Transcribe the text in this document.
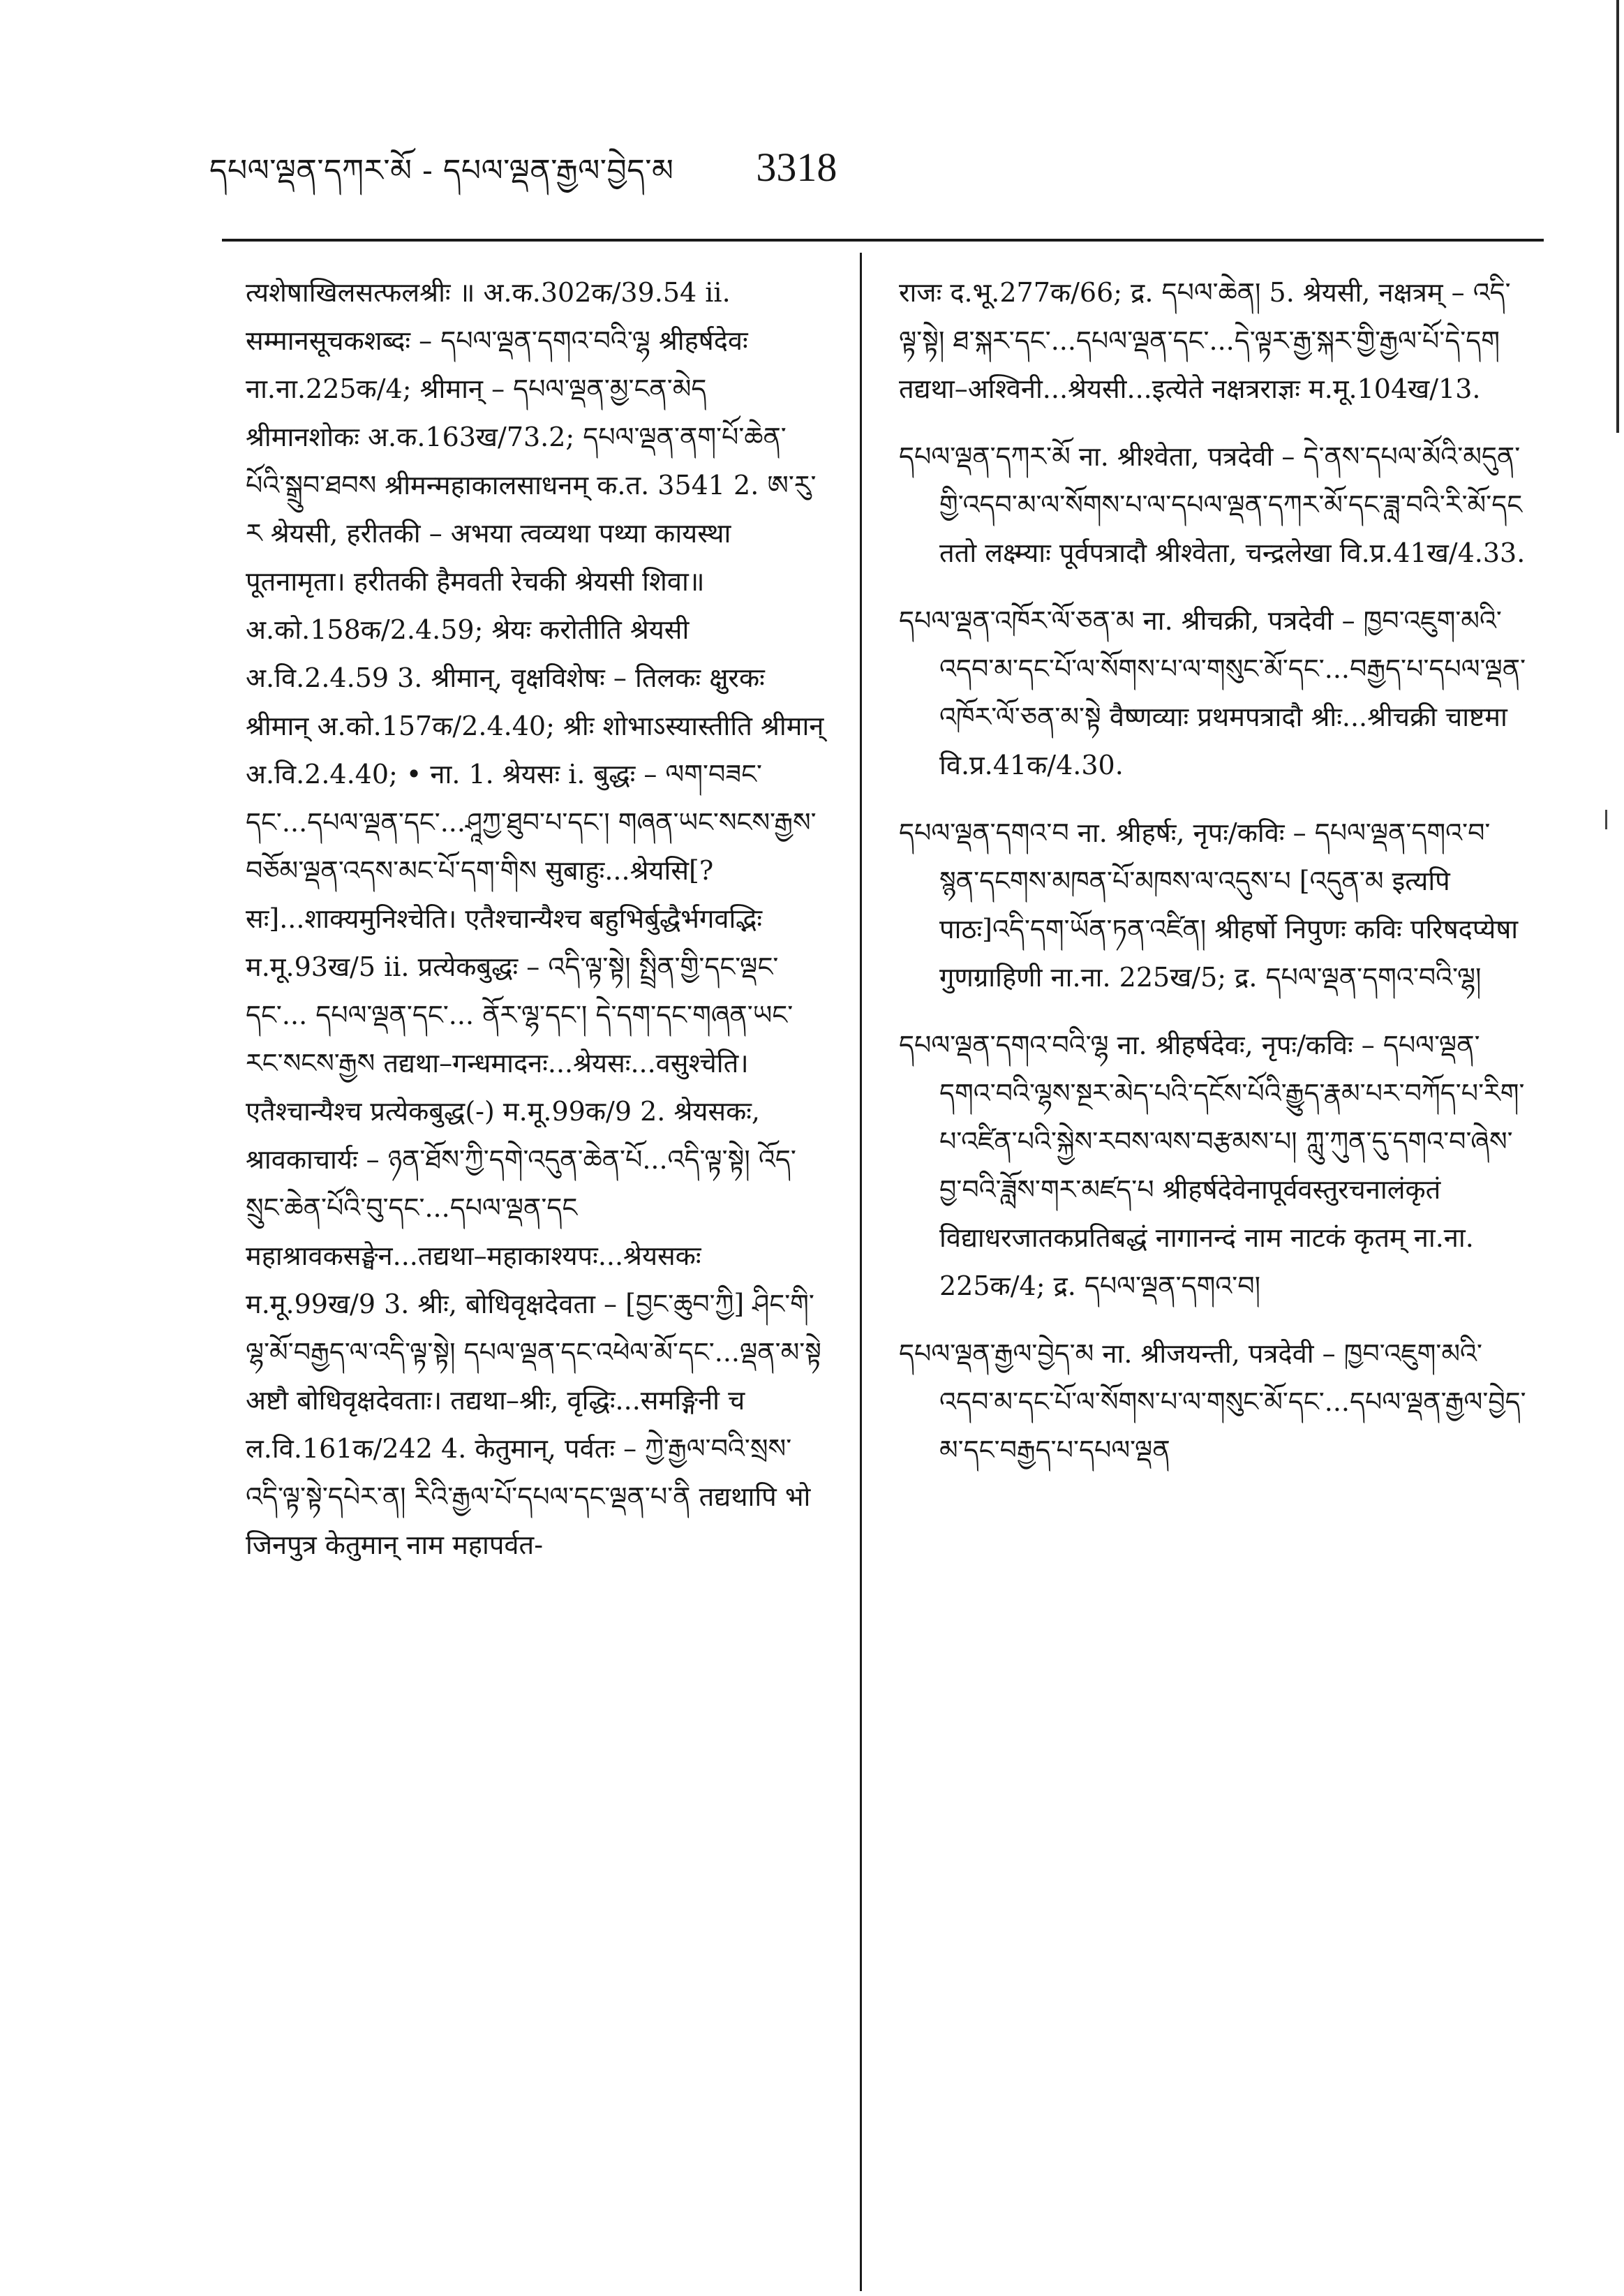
དཔལ་ལྡན་དཀར་མོ - དཔལ་ལྡན་རྒྱལ་བྱེད་མ 3318

त्यशेषाखिलसत्फलश्रीः ॥ अ.क.302क/39.54 ii. सम्मानसूचकशब्दः – དཔལ་ལྡན་དགའ་བའི་ལྷ श्रीहर्षदेवः ना.ना.225क/4; श्रीमान् – དཔལ་ལྡན་མྱ་ངན་མེད श्रीमानशोकः अ.क.163ख/73.2; དཔལ་ལྡན་ནག་པོ་ཆེན་པོའི་སྒྲུབ་ཐབས श्रीमन्महाकालसाधनम् क.त. 3541 2. ཨ་རུ་ར श्रेयसी, हरीतकी – अभया त्वव्यथा पथ्या कायस्था पूतनामृता। हरीतकी हैमवती रेचकी श्रेयसी शिवा॥ अ.को.158क/2.4.59; श्रेयः करोतीति श्रेयसी अ.वि.2.4.59 3. श्रीमान्, वृक्षविशेषः – तिलकः क्षुरकः श्रीमान् अ.को.157क/2.4.40; श्रीः शोभाऽस्यास्तीति श्रीमान् अ.वि.2.4.40; • ना. 1. श्रेयसः i. बुद्धः – ལག་བཟང་དང་...དཔལ་ལྡན་དང་...ཤཱཀྱ་ཐུབ་པ་དང་། གཞན་ཡང་སངས་རྒྱས་བཅོམ་ལྡན་འདས་མང་པོ་དག་གིས सुबाहुः...श्रेयसि[?सः]...शाक्यमुनिश्चेति। एतैश्चान्यैश्च बहुभिर्बुद्धैर्भगवद्भिः म.मू.93ख/5 ii. प्रत्येकबुद्धः – འདི་ལྟ་སྟེ། སྤྲིན་གྱི་དང་ལྡང་དང་... དཔལ་ལྡན་དང་... ནོར་ལྷ་དང་། དེ་དག་དང་གཞན་ཡང་རང་སངས་རྒྱས तद्यथा–गन्धमादनः...श्रेयसः...वसुश्चेति। एतैश्चान्यैश्च प्रत्येकबुद्ध(-) म.मू.99क/9 2. श्रेयसकः, श्रावकाचार्यः – ཉན་ཐོས་ཀྱི་དགེ་འདུན་ཆེན་པོ...འདི་ལྟ་སྟེ། འོད་སྲུང་ཆེན་པོའི་བུ་དང་...དཔལ་ལྡན་དང महाश्रावकसङ्घेन...तद्यथा–महाकाश्यपः...श्रेयसकः म.मू.99ख/9 3. श्रीः, बोधिवृक्षदेवता – [བྱང་ཆུབ་ཀྱི] ཤིང་གི་ལྷ་མོ་བརྒྱད་ལ་འདི་ལྟ་སྟེ། དཔལ་ལྡན་དང་འཕེལ་མོ་དང་...ལྡན་མ་སྟེ अष्टौ बोधिवृक्षदेवताः। तद्यथा–श्रीः, वृद्धिः...समङ्गिनी च ल.वि.161क/242 4. केतुमान्, पर्वतः – ཀྱེ་རྒྱལ་བའི་སྲས་འདི་ལྟ་སྟེ་དཔེར་ན། རིའི་རྒྱལ་པོ་དཔལ་དང་ལྡན་པ་ནི तद्यथापि भो जिनपुत्र केतुमान् नाम महापर्वत-

राजः द.भू.277क/66; द्र. དཔལ་ཆེན། 5. श्रेयसी, नक्षत्रम् – འདི་ལྟ་སྟེ། ཐ་སྐར་དང་...དཔལ་ལྡན་དང་...དེ་ལྟར་རྒྱ་སྐར་གྱི་རྒྱལ་པོ་དེ་དག तद्यथा–अश्विनी...श्रेयसी...इत्येते नक्षत्रराज्ञः म.मू.104ख/13.

དཔལ་ལྡན་དཀར་མོ ना. श्रीश्वेता, पत्रदेवी – དེ་ནས་དཔལ་མོའི་མདུན་གྱི་འདབ་མ་ལ་སོགས་པ་ལ་དཔལ་ལྡན་དཀར་མོ་དང་ཟླ་བའི་རི་མོ་དང ततो लक्ष्म्याः पूर्वपत्रादौ श्रीश्वेता, चन्द्रलेखा वि.प्र.41ख/4.33.

དཔལ་ལྡན་འཁོར་ལོ་ཅན་མ ना. श्रीचक्री, पत्रदेवी – ཁྱབ་འཇུག་མའི་འདབ་མ་དང་པོ་ལ་སོགས་པ་ལ་གསུང་མོ་དང་...བརྒྱད་པ་དཔལ་ལྡན་འཁོར་ལོ་ཅན་མ་སྟེ वैष्णव्याः प्रथमपत्रादौ श्रीः...श्रीचक्री चाष्टमा वि.प्र.41क/4.30.

དཔལ་ལྡན་དགའ་བ ना. श्रीहर्षः, नृपः/कविः – དཔལ་ལྡན་དགའ་བ་སྙན་དངགས་མཁན་པོ་མཁས་ལ་འདུས་པ [འདུན་མ इत्यपि पाठः]འདི་དག་ཡོན་ཏན་འཛིན། श्रीहर्षो निपुणः कविः परिषदप्येषा गुणग्राहिणी ना.ना. 225ख/5; द्र. དཔལ་ལྡན་དགའ་བའི་ལྷ།

དཔལ་ལྡན་དགའ་བའི་ལྷ ना. श्रीहर्षदेवः, नृपः/कविः – དཔལ་ལྡན་དགའ་བའི་ལྷས་སྔར་མེད་པའི་དངོས་པོའི་རྒྱུད་རྣམ་པར་བཀོད་པ་རིག་པ་འཛིན་པའི་སྐྱེས་རབས་ལས་བརྩམས་པ། ཀླུ་ཀུན་དུ་དགའ་བ་ཞེས་བྱ་བའི་ཟློས་གར་མཛད་པ श्रीहर्षदेवेनापूर्ववस्तुरचनालंकृतं विद्याधरजातकप्रतिबद्धं नागानन्दं नाम नाटकं कृतम् ना.ना. 225क/4; द्र. དཔལ་ལྡན་དགའ་བ།

དཔལ་ལྡན་རྒྱལ་བྱེད་མ ना. श्रीजयन्ती, पत्रदेवी – ཁྱབ་འཇུག་མའི་འདབ་མ་དང་པོ་ལ་སོགས་པ་ལ་གསུང་མོ་དང་...དཔལ་ལྡན་རྒྱལ་བྱེད་མ་དང་བརྒྱད་པ་དཔལ་ལྡན
